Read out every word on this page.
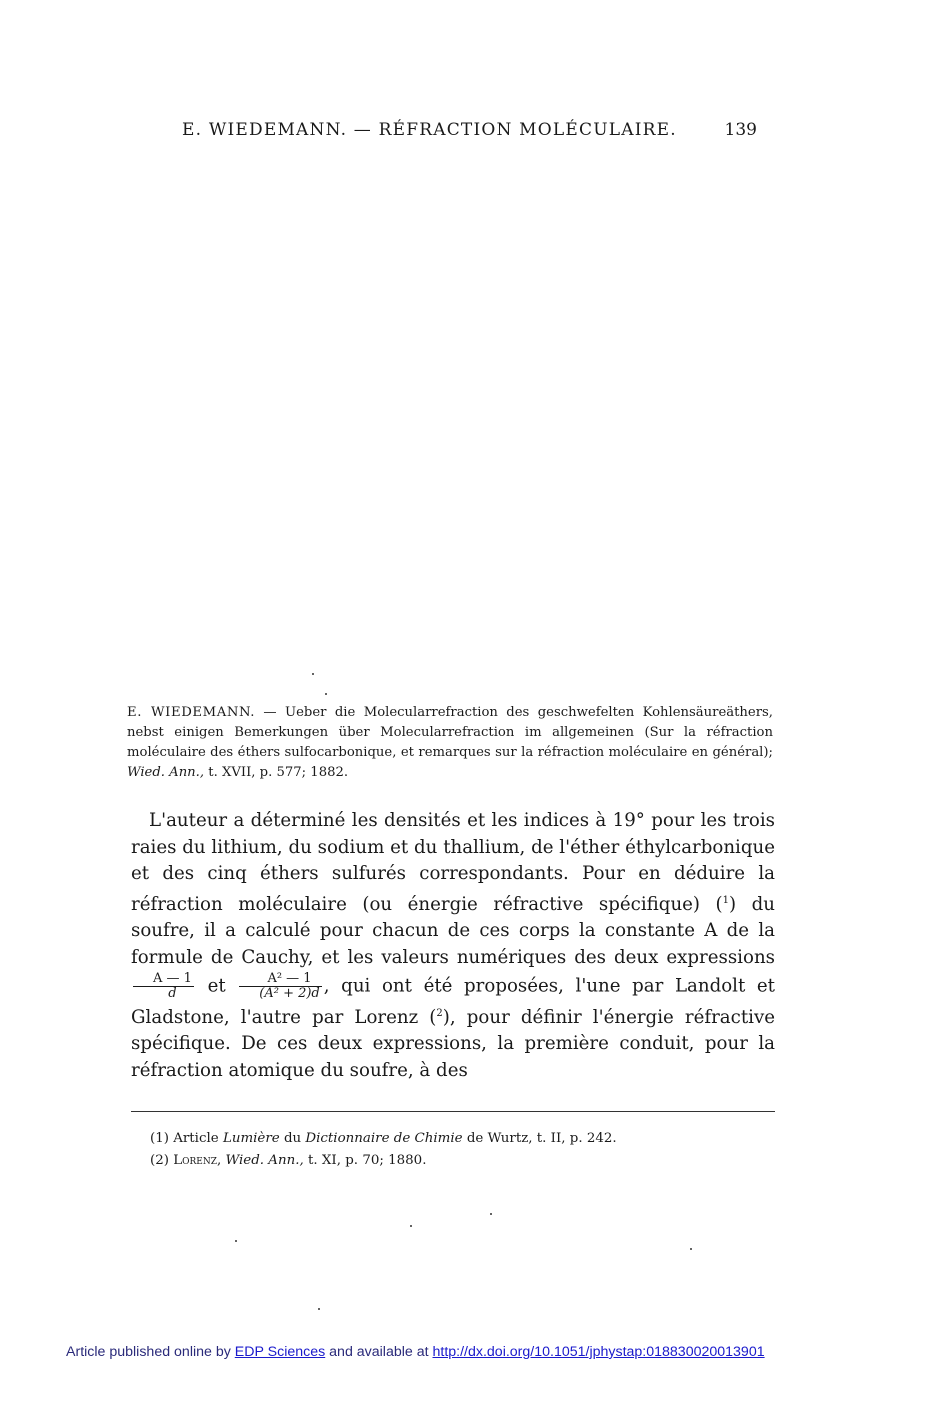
E. WIEDEMANN. — RÉFRACTION MOLÉCULAIRE.	139
E. WIEDEMANN. — Ueber die Molecularrefraction des geschwefelten Kohlensäureäthers, nebst einigen Bemerkungen über Molecularrefraction im allgemeinen (Sur la réfraction moléculaire des éthers sulfocarbonique, et remarques sur la réfraction moléculaire en général); Wied. Ann., t. XVII, p. 577; 1882.

L'auteur a déterminé les densités et les indices à 19° pour les trois raies du lithium, du sodium et du thallium, de l'éther éthylcarbonique et des cinq éthers sulfurés correspondants. Pour en déduire la réfraction moléculaire (ou énergie réfractive spécifique) ($^1$) du soufre, il a calculé pour chacun de ces corps la constante A de la formule de Cauchy, et les valeurs numériques des deux expressions
$\frac{A — 1}{d}$ et $\frac{\text{A² — 1}}{\text{(A² + 2)d}}$ , qui ont été proposées, l'une par Landolt et Gladstone, l'autre par Lorenz ($^2$), pour définir l'énergie réfractive spécifique. De ces deux expressions, la première conduit, pour la réfraction atomique du soufre, à des

(1) Article Lumière du Dictionnaire de Chimie de Wurtz, t. II, p. 242.
(2) Lorenz, Wied. Ann., t. XI, p. 70; 1880.
Article published online by EDP Sciences and available at http://dx.doi.org/10.1051/jphystap:018830020013901
